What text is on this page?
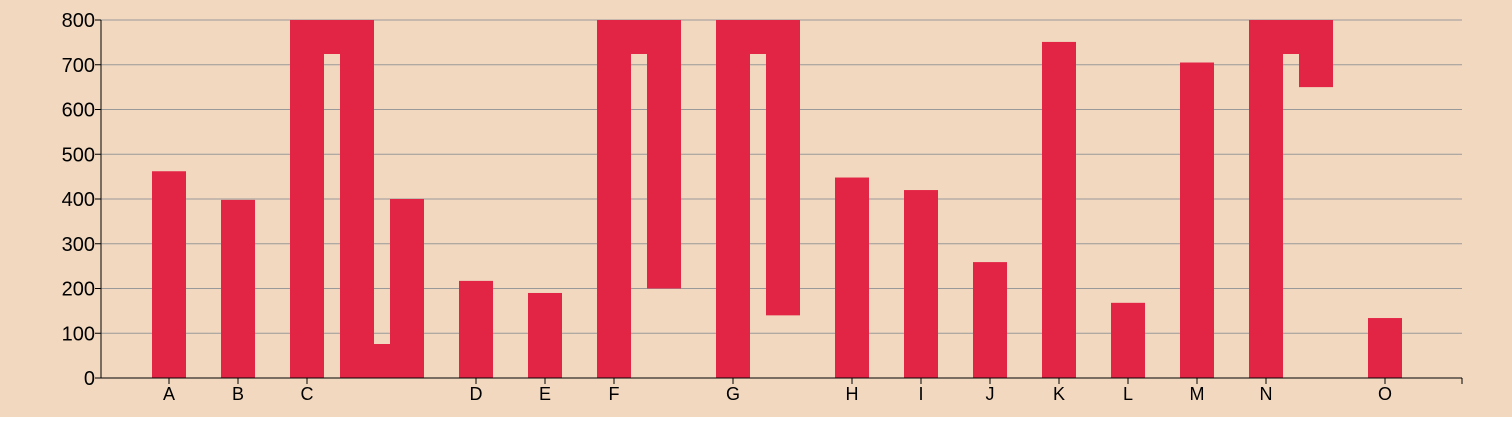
0
100
200
300
400
500
600
700
800
A	B	C	D	E	F	G	H	I	J	K	L	M	N	O
